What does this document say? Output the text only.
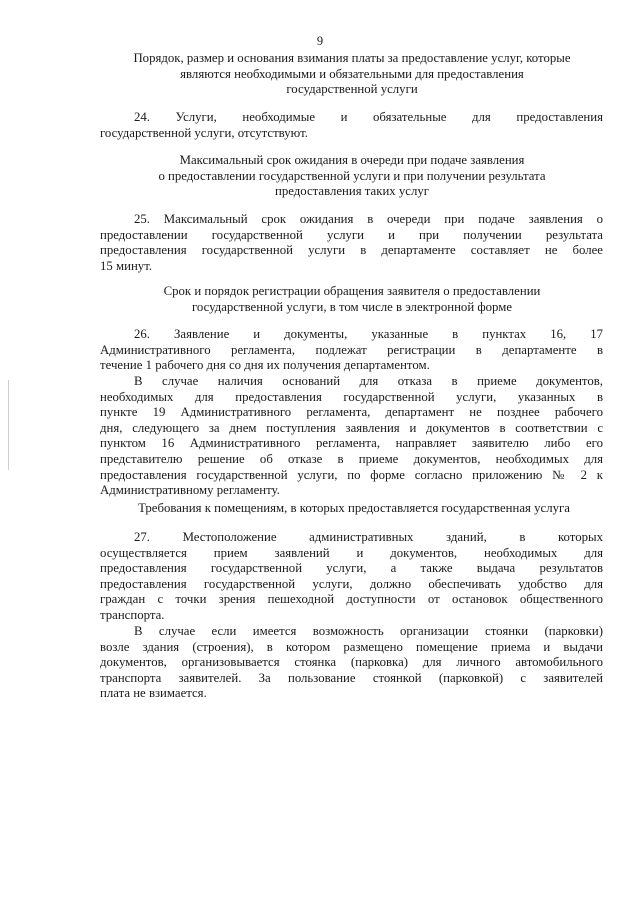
9
Порядок, размер и основания взимания платы за предоставление услуг, которые
являются необходимыми и обязательными для предоставления
государственной услуги
24. Услуги, необходимые и обязательные для предоставления
государственной услуги, отсутствуют.
Максимальный срок ожидания в очереди при подаче заявления
о предоставлении государственной услуги и при получении результата
предоставления таких услуг
25. Максимальный срок ожидания в очереди при подаче заявления о
предоставлении государственной услуги и при получении результата
предоставления государственной услуги в департаменте составляет не более
15 минут.
Срок и порядок регистрации обращения заявителя о предоставлении
государственной услуги, в том числе в электронной форме
26. Заявление и документы, указанные в пунктах 16, 17
Административного регламента, подлежат регистрации в департаменте в
течение 1 рабочего дня со дня их получения департаментом.
В случае наличия оснований для отказа в приеме документов,
необходимых для предоставления государственной услуги, указанных в
пункте 19 Административного регламента, департамент не позднее рабочего
дня, следующего за днем поступления заявления и документов в соответствии с
пунктом 16 Административного регламента, направляет заявителю либо его
представителю решение об отказе в приеме документов, необходимых для
предоставления государственной услуги, по форме согласно приложению № 2 к
Административному регламенту.
Требования к помещениям, в которых предоставляется государственная услуга
27. Местоположение административных зданий, в которых
осуществляется прием заявлений и документов, необходимых для
предоставления государственной услуги, а также выдача результатов
предоставления государственной услуги, должно обеспечивать удобство для
граждан с точки зрения пешеходной доступности от остановок общественного
транспорта.
В случае если имеется возможность организации стоянки (парковки)
возле здания (строения), в котором размещено помещение приема и выдачи
документов, организовывается стоянка (парковка) для личного автомобильного
транспорта заявителей. За пользование стоянкой (парковкой) с заявителей
плата не взимается.
